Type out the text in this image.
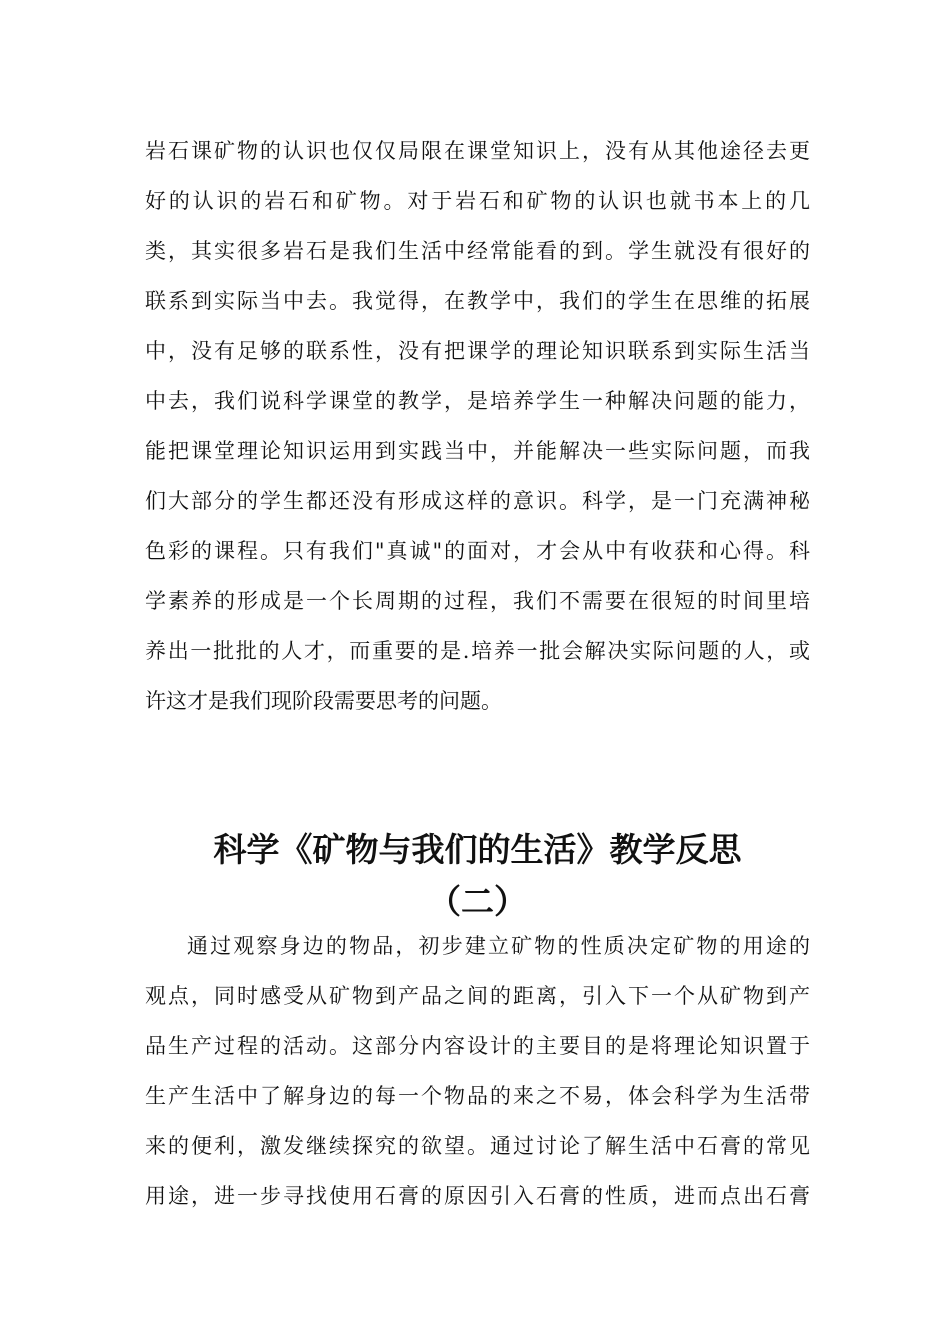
岩石课矿物的认识也仅仅局限在课堂知识上，没有从其他途径去更
好的认识的岩石和矿物。对于岩石和矿物的认识也就书本上的几
类，其实很多岩石是我们生活中经常能看的到。学生就没有很好的
联系到实际当中去。我觉得，在教学中，我们的学生在思维的拓展
中，没有足够的联系性，没有把课学的理论知识联系到实际生活当
中去，我们说科学课堂的教学，是培养学生一种解决问题的能力，
能把课堂理论知识运用到实践当中，并能解决一些实际问题，而我
们大部分的学生都还没有形成这样的意识。科学，是一门充满神秘
色彩的课程。只有我们"真诚"的面对，才会从中有收获和心得。科
学素养的形成是一个长周期的过程，我们不需要在很短的时间里培
养出一批批的人才，而重要的是.培养一批会解决实际问题的人，或
许这才是我们现阶段需要思考的问题。
科学《矿物与我们的生活》教学反思
（二）
通过观察身边的物品，初步建立矿物的性质决定矿物的用途的
观点，同时感受从矿物到产品之间的距离，引入下一个从矿物到产
品生产过程的活动。这部分内容设计的主要目的是将理论知识置于
生产生活中了解身边的每一个物品的来之不易，体会科学为生活带
来的便利，激发继续探究的欲望。通过讨论了解生活中石膏的常见
用途，进一步寻找使用石膏的原因引入石膏的性质，进而点出石膏
